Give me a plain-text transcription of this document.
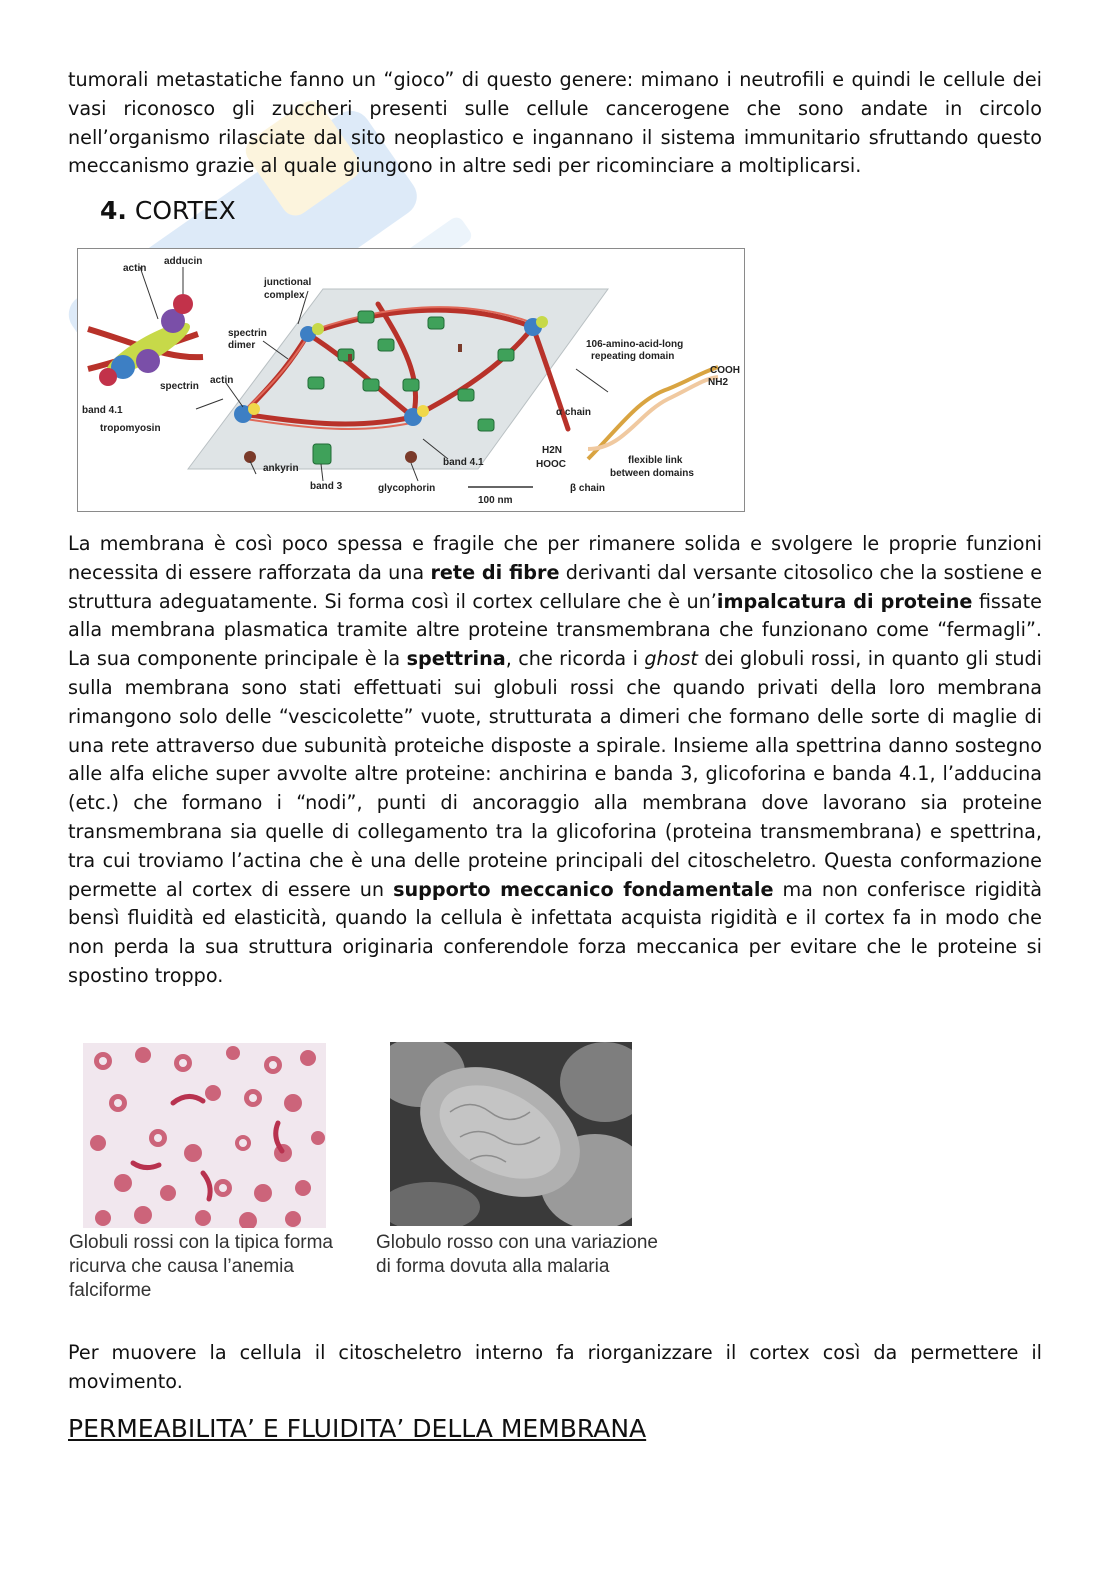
tumorali metastatiche fanno un “gioco” di questo genere: mimano i neutrofili e quindi le cellule dei vasi riconosco gli zuccheri presenti sulle cellule cancerogene che sono andate in circolo nell’organismo rilasciate dal sito neoplastico e ingannano il sistema immunitario sfruttando questo meccanismo grazie al quale giungono in altre sedi per ricominciare a moltiplicarsi.

4. CORTEX
actin
adducin
junctional
complex
spectrin
dimer
spectrin
actin
band 4.1
tropomyosin
ankyrin
band 3	glycophorin
band 4.1
100 nm
106-amino-acid-long
repeating domain
COOH
NH2
α chain
H2N
HOOC	flexible link
between domains
β chain

La membrana è così poco spessa e fragile che per rimanere solida e svolgere le proprie funzioni necessita di essere rafforzata da una rete di fibre derivanti dal versante citosolico che la sostiene e struttura adeguatamente. Si forma così il cortex cellulare che è un’impalcatura di proteine fissate alla membrana plasmatica tramite altre proteine transmembrana che funzionano come “fermagli”. La sua componente principale è la spettrina, che ricorda i ghost dei globuli rossi, in quanto gli studi sulla membrana sono stati effettuati sui globuli rossi che quando privati della loro membrana rimangono solo delle “vescicolette” vuote, strutturata a dimeri che formano delle sorte di maglie di una rete attraverso due subunità proteiche disposte a spirale. Insieme alla spettrina danno sostegno alle alfa eliche super avvolte altre proteine: anchirina e banda 3, glicoforina e banda 4.1, l’adducina (etc.) che formano i “nodi”, punti di ancoraggio alla membrana dove lavorano sia proteine transmembrana sia quelle di collegamento tra la glicoforina (proteina transmembrana) e spettrina, tra cui troviamo l’actina che è una delle proteine principali del citoscheletro. Questa conformazione permette al cortex di essere un supporto meccanico fondamentale ma non conferisce rigidità bensì fluidità ed elasticità, quando la cellula è infettata acquista rigidità e il cortex fa in modo che non perda la sua struttura originaria conferendole forza meccanica per evitare che le proteine si spostino troppo.

Globuli rossi con la tipica forma
ricurva che causa l’anemia
falciforme

Globulo rosso con una variazione
di forma dovuta alla malaria

Per muovere la cellula il citoscheletro interno fa riorganizzare il cortex così da permettere il movimento.

PERMEABILITA’ E FLUIDITA’ DELLA MEMBRANA
